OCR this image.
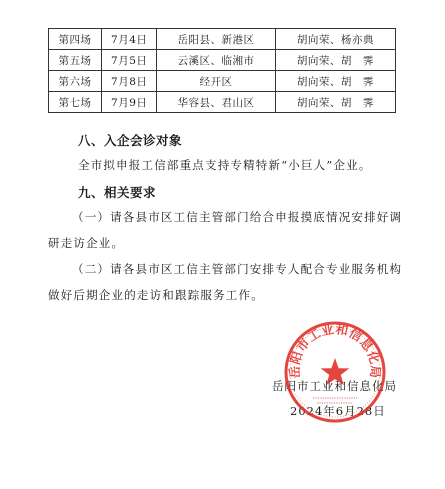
第四场	7月4日	岳阳县、新港区	胡向荣、杨亦典
第五场	7月5日	云溪区、临湘市	胡向荣、胡　霁
第六场	7月8日	经开区	胡向荣、胡　霁
第七场	7月9日	华容县、君山区	胡向荣、胡　霁
八、入企会诊对象
全市拟申报工信部重点支持专精特新“小巨人”企业。
九、相关要求
（一）请各县市区工信主管部门给合申报摸底情况安排好调
研走访企业。
（二）请各县市区工信主管部门安排专人配合专业服务机构
做好后期企业的走访和跟踪服务工作。
岳阳市工业和信息化局
2024年6月28日
岳阳市工业和信息化局
